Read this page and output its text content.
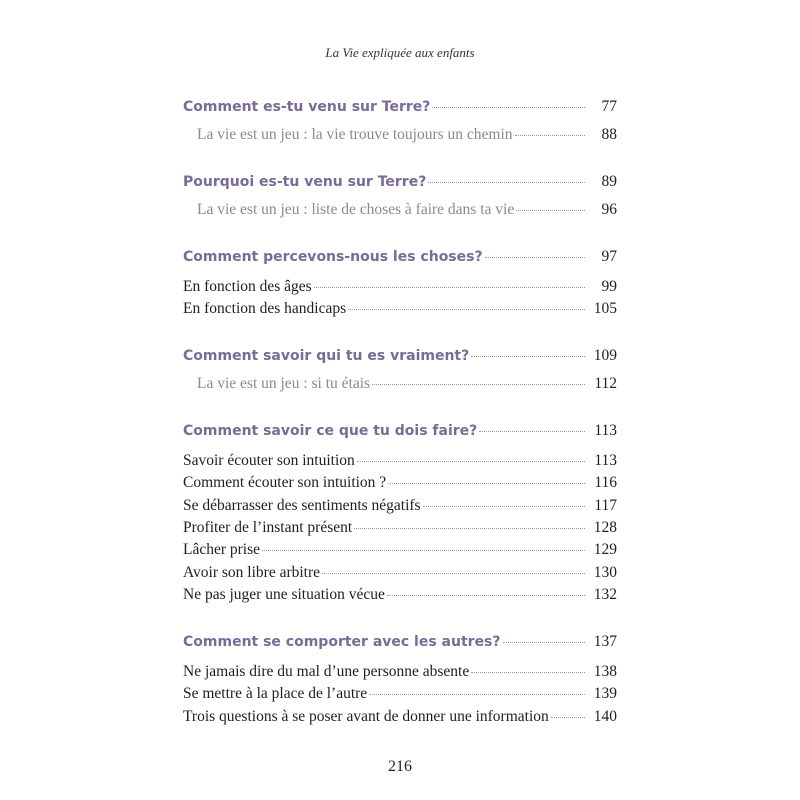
La Vie expliquée aux enfants
Comment es-tu venu sur Terre?	77
La vie est un jeu : la vie trouve toujours un chemin	88
Pourquoi es-tu venu sur Terre?	89
La vie est un jeu : liste de choses à faire dans ta vie	96
Comment percevons-nous les choses?	97
En fonction des âges	99
En fonction des handicaps	105
Comment savoir qui tu es vraiment?	109
La vie est un jeu : si tu étais	112
Comment savoir ce que tu dois faire?	113
Savoir écouter son intuition	113
Comment écouter son intuition ?	116
Se débarrasser des sentiments négatifs	117
Profiter de l’instant présent	128
Lâcher prise	129
Avoir son libre arbitre	130
Ne pas juger une situation vécue	132
Comment se comporter avec les autres?	137
Ne jamais dire du mal d’une personne absente	138
Se mettre à la place de l’autre	139
Trois questions à se poser avant de donner une information	140
216
